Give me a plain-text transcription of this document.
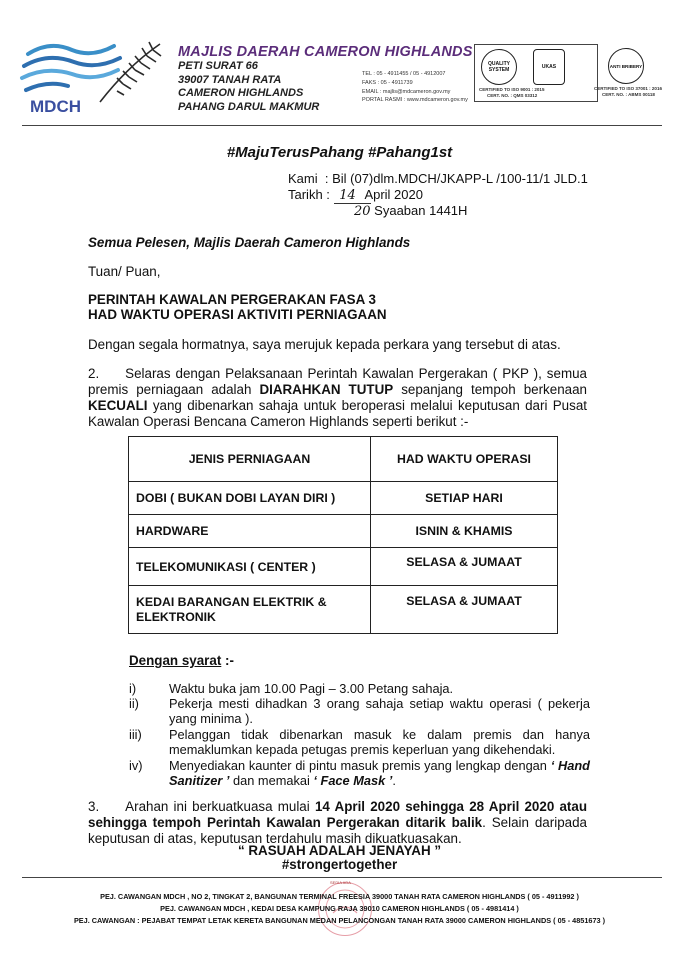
MDCH
MAJLIS DAERAH CAMERON HIGHLANDS
PETI SURAT 66
39007 TANAH RATA
CAMERON HIGHLANDS
PAHANG DARUL MAKMUR
TEL : 05 - 4911455 / 05 - 4912007
FAKS : 05 - 4911739
EMAIL : majlis@mdcameron.gov.my
PORTAL RASMI : www.mdcameron.gov.my
QUALITY SYSTEM	UKAS
CERTIFIED TO ISO 9001 : 2015
CERT. NO. : QMS 03312
ANTI BRIBERY
CERTIFIED TO ISO 37001 : 2016
CERT. NO. : ABMS 00118
#MajuTerusPahang #Pahang1st
Kami  : Bil (07)dlm.MDCH/JKAPP-L /100-11/1 JLD.1
Tarikh : 14 April 2020
20 Syaaban 1441H
Semua Pelesen, Majlis Daerah Cameron Highlands
Tuan/ Puan,
PERINTAH KAWALAN PERGERAKAN FASA 3
HAD WAKTU OPERASI AKTIVITI PERNIAGAAN
Dengan segala hormatnya, saya merujuk kepada perkara yang tersebut di atas.
2. Selaras dengan Pelaksanaan Perintah Kawalan Pergerakan ( PKP ), semua premis perniagaan adalah DIARAHKAN TUTUP sepanjang tempoh berkenaan KECUALI yang dibenarkan sahaja untuk beroperasi melalui keputusan dari Pusat Kawalan Operasi Bencana Cameron Highlands seperti berikut :-
JENIS PERNIAGAAN	HAD WAKTU OPERASI
DOBI ( BUKAN DOBI LAYAN DIRI )	SETIAP HARI
HARDWARE	ISNIN & KHAMIS
TELEKOMUNIKASI ( CENTER )	SELASA & JUMAAT
KEDAI BARANGAN ELEKTRIK & ELEKTRONIK	SELASA & JUMAAT
Dengan syarat :-
i)	Waktu buka jam 10.00 Pagi – 3.00 Petang sahaja.
ii) Pekerja mesti dihadkan 3 orang sahaja setiap waktu operasi ( pekerja yang minima ).
iii) Pelanggan tidak dibenarkan masuk ke dalam premis dan hanya memaklumkan kepada petugas premis keperluan yang dikehendaki.
iv) Menyediakan kaunter di pintu masuk premis yang lengkap dengan ‘ Hand Sanitizer ’ dan memakai ‘ Face Mask ’.
3. Arahan ini berkuatkuasa mulai 14 April 2020 sehingga 28 April 2020 atau sehingga tempoh Perintah Kawalan Pergerakan ditarik balik. Selain daripada keputusan di atas, keputusan terdahulu masih dikuatkuasakan.
“ RASUAH ADALAH JENAYAH ”
#strongertogether
SEDIA ADA
PEJ. CAWANGAN MDCH , NO 2, TINGKAT 2, BANGUNAN TERMINAL FREESIA 39000 TANAH RATA CAMERON HIGHLANDS ( 05 - 4911992 )
PEJ. CAWANGAN MDCH , KEDAI DESA KAMPUNG RAJA 39010 CAMERON HIGHLANDS ( 05 - 4981414 )
PEJ. CAWANGAN : PEJABAT TEMPAT LETAK KERETA BANGUNAN MEDAN PELANCONGAN TANAH RATA 39000 CAMERON HIGHLANDS ( 05 - 4851673 )
